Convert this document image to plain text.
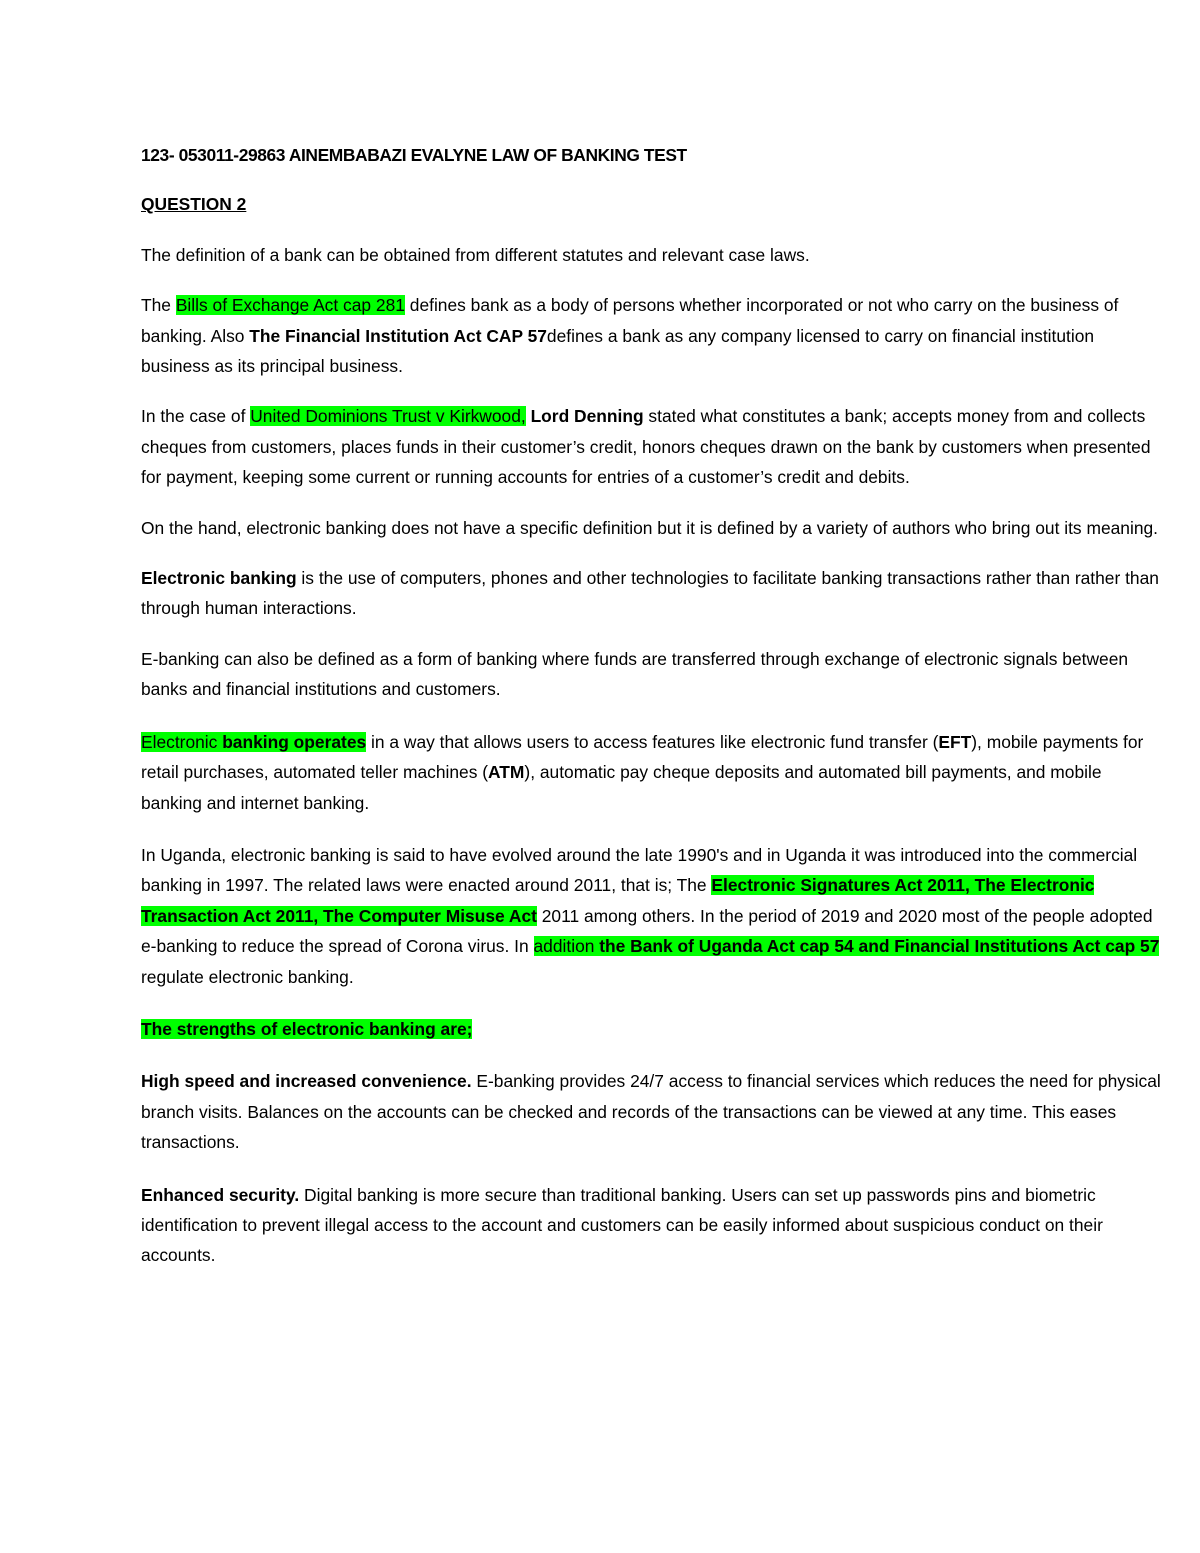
123- 053011-29863 AINEMBABAZI EVALYNE LAW OF BANKING TEST

QUESTION 2

The definition of a bank can be obtained from different statutes and relevant case laws.

The Bills of Exchange Act cap 281 defines bank as a body of persons whether incorporated or not who carry on the business of banking. Also The Financial Institution Act CAP 57defines a bank as any company licensed to carry on financial institution business as its principal business.

In the case of United Dominions Trust v Kirkwood, Lord Denning stated what constitutes a bank; accepts money from and collects cheques from customers, places funds in their customer’s credit, honors cheques drawn on the bank by customers when presented for payment, keeping some current or running accounts for entries of a customer’s credit and debits.

On the hand, electronic banking does not have a specific definition but it is defined by a variety of authors who bring out its meaning.

Electronic banking is the use of computers, phones and other technologies to facilitate banking transactions rather than rather than through human interactions.

E-banking can also be defined as a form of banking where funds are transferred through exchange of electronic signals between banks and financial institutions and customers.

Electronic banking operates in a way that allows users to access features like electronic fund transfer (EFT), mobile payments for retail purchases, automated teller machines (ATM), automatic pay cheque deposits and automated bill payments, and mobile banking and internet banking.

In Uganda, electronic banking is said to have evolved around the late 1990's and in Uganda it was introduced into the commercial banking in 1997. The related laws were enacted around 2011, that is; The Electronic Signatures Act 2011, The Electronic Transaction Act 2011, The Computer Misuse Act 2011 among others. In the period of 2019 and 2020 most of the people adopted e-banking to reduce the spread of Corona virus. In addition the Bank of Uganda Act cap 54 and Financial Institutions Act cap 57 regulate electronic banking.

The strengths of electronic banking are;

High speed and increased convenience. E-banking provides 24/7 access to financial services which reduces the need for physical branch visits. Balances on the accounts can be checked and records of the transactions can be viewed at any time. This eases transactions.

Enhanced security. Digital banking is more secure than traditional banking. Users can set up passwords pins and biometric identification to prevent illegal access to the account and customers can be easily informed about suspicious conduct on their accounts.
